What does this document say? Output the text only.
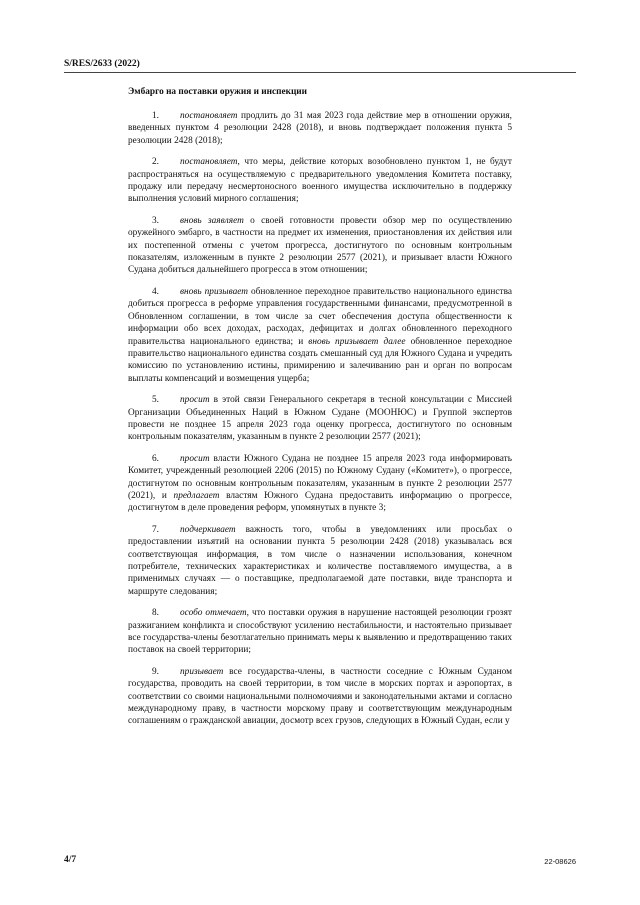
S/RES/2633 (2022)
Эмбарго на поставки оружия и инспекции

1. постановляет продлить до 31 мая 2023 года действие мер в отношении оружия, введенных пунктом 4 резолюции 2428 (2018), и вновь подтверждает положения пункта 5 резолюции 2428 (2018);

2. постановляет, что меры, действие которых возобновлено пунктом 1, не будут распространяться на осуществляемую с предварительного уведомления Комитета поставку, продажу или передачу несмертоносного военного имущества исключительно в поддержку выполнения условий мирного соглашения;

3. вновь заявляет о своей готовности провести обзор мер по осуществлению оружейного эмбарго, в частности на предмет их изменения, приостановления их действия или их постепенной отмены с учетом прогресса, достигнутого по основным контрольным показателям, изложенным в пункте 2 резолюции 2577 (2021), и призывает власти Южного Судана добиться дальнейшего прогресса в этом отношении;

4. вновь призывает обновленное переходное правительство национального единства добиться прогресса в реформе управления государственными финансами, предусмотренной в Обновленном соглашении, в том числе за счет обеспечения доступа общественности к информации обо всех доходах, расходах, дефицитах и долгах обновленного переходного правительства национального единства; и вновь призывает далее обновленное переходное правительство национального единства создать смешанный суд для Южного Судана и учредить комиссию по установлению истины, примирению и залечиванию ран и орган по вопросам выплаты компенсаций и возмещения ущерба;

5. просит в этой связи Генерального секретаря в тесной консультации с Миссией Организации Объединенных Наций в Южном Судане (МООНЮС) и Группой экспертов провести не позднее 15 апреля 2023 года оценку прогресса, достигнутого по основным контрольным показателям, указанным в пункте 2 резолюции 2577 (2021);

6. просит власти Южного Судана не позднее 15 апреля 2023 года информировать Комитет, учрежденный резолюцией 2206 (2015) по Южному Судану («Комитет»), о прогрессе, достигнутом по основным контрольным показателям, указанным в пункте 2 резолюции 2577 (2021), и предлагает властям Южного Судана предоставить информацию о прогрессе, достигнутом в деле проведения реформ, упомянутых в пункте 3;

7. подчеркивает важность того, чтобы в уведомлениях или просьбах о предоставлении изъятий на основании пункта 5 резолюции 2428 (2018) указывалась вся соответствующая информация, в том числе о назначении использования, конечном потребителе, технических характеристиках и количестве поставляемого имущества, а в применимых случаях — о поставщике, предполагаемой дате поставки, виде транспорта и маршруте следования;

8. особо отмечает, что поставки оружия в нарушение настоящей резолюции грозят разжиганием конфликта и способствуют усилению нестабильности, и настоятельно призывает все государства-члены безотлагательно принимать меры к выявлению и предотвращению таких поставок на своей территории;

9. призывает все государства-члены, в частности соседние с Южным Суданом государства, проводить на своей территории, в том числе в морских портах и аэропортах, в соответствии со своими национальными полномочиями и законодательными актами и согласно международному праву, в частности морскому праву и соответствующим международным соглашениям о гражданской авиации, досмотр всех грузов, следующих в Южный Судан, если у

4/7	22-08626
